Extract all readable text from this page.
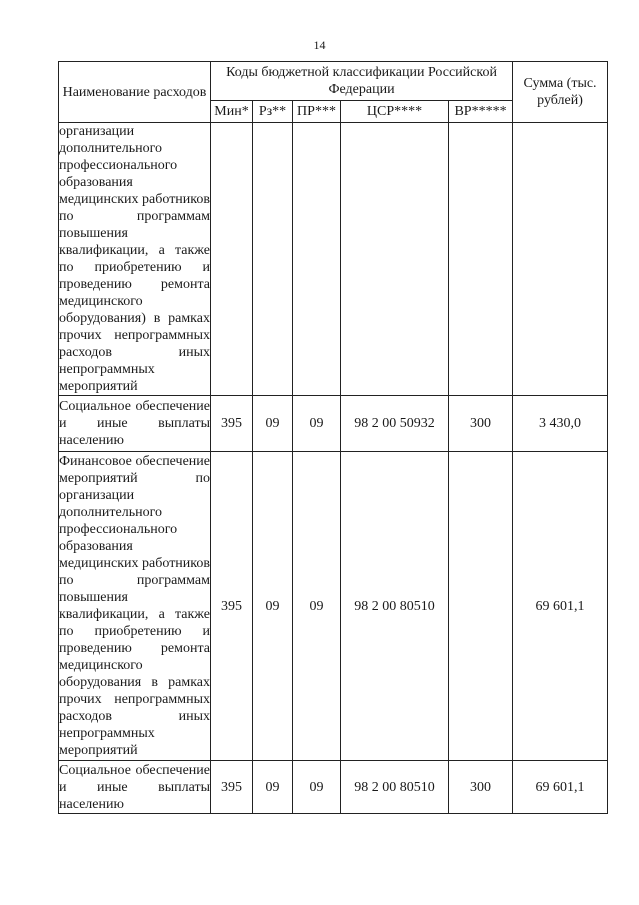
14
Наименование расходов	Коды бюджетной классификации Российской Федерации					Сумма (тыс. рублей)
	Мин*	Рз**	ПР***	ЦСР****	ВР*****	
организации дополнительного профессионального образования медицинских работников по программам повышения квалификации, а также по приобретению и проведению ремонта медицинского оборудования) в рамках прочих непрограммных расходов иных непрограммных мероприятий						
Социальное обеспечение и иные выплаты населению	395	09	09	98 2 00 50932	300	3 430,0
Финансовое обеспечение мероприятий по организации дополнительного профессионального образования медицинских работников по программам повышения квалификации, а также по приобретению и проведению ремонта медицинского оборудования в рамках прочих непрограммных расходов иных непрограммных мероприятий	395	09	09	98 2 00 80510		69 601,1
Социальное обеспечение и иные выплаты населению	395	09	09	98 2 00 80510	300	69 601,1
